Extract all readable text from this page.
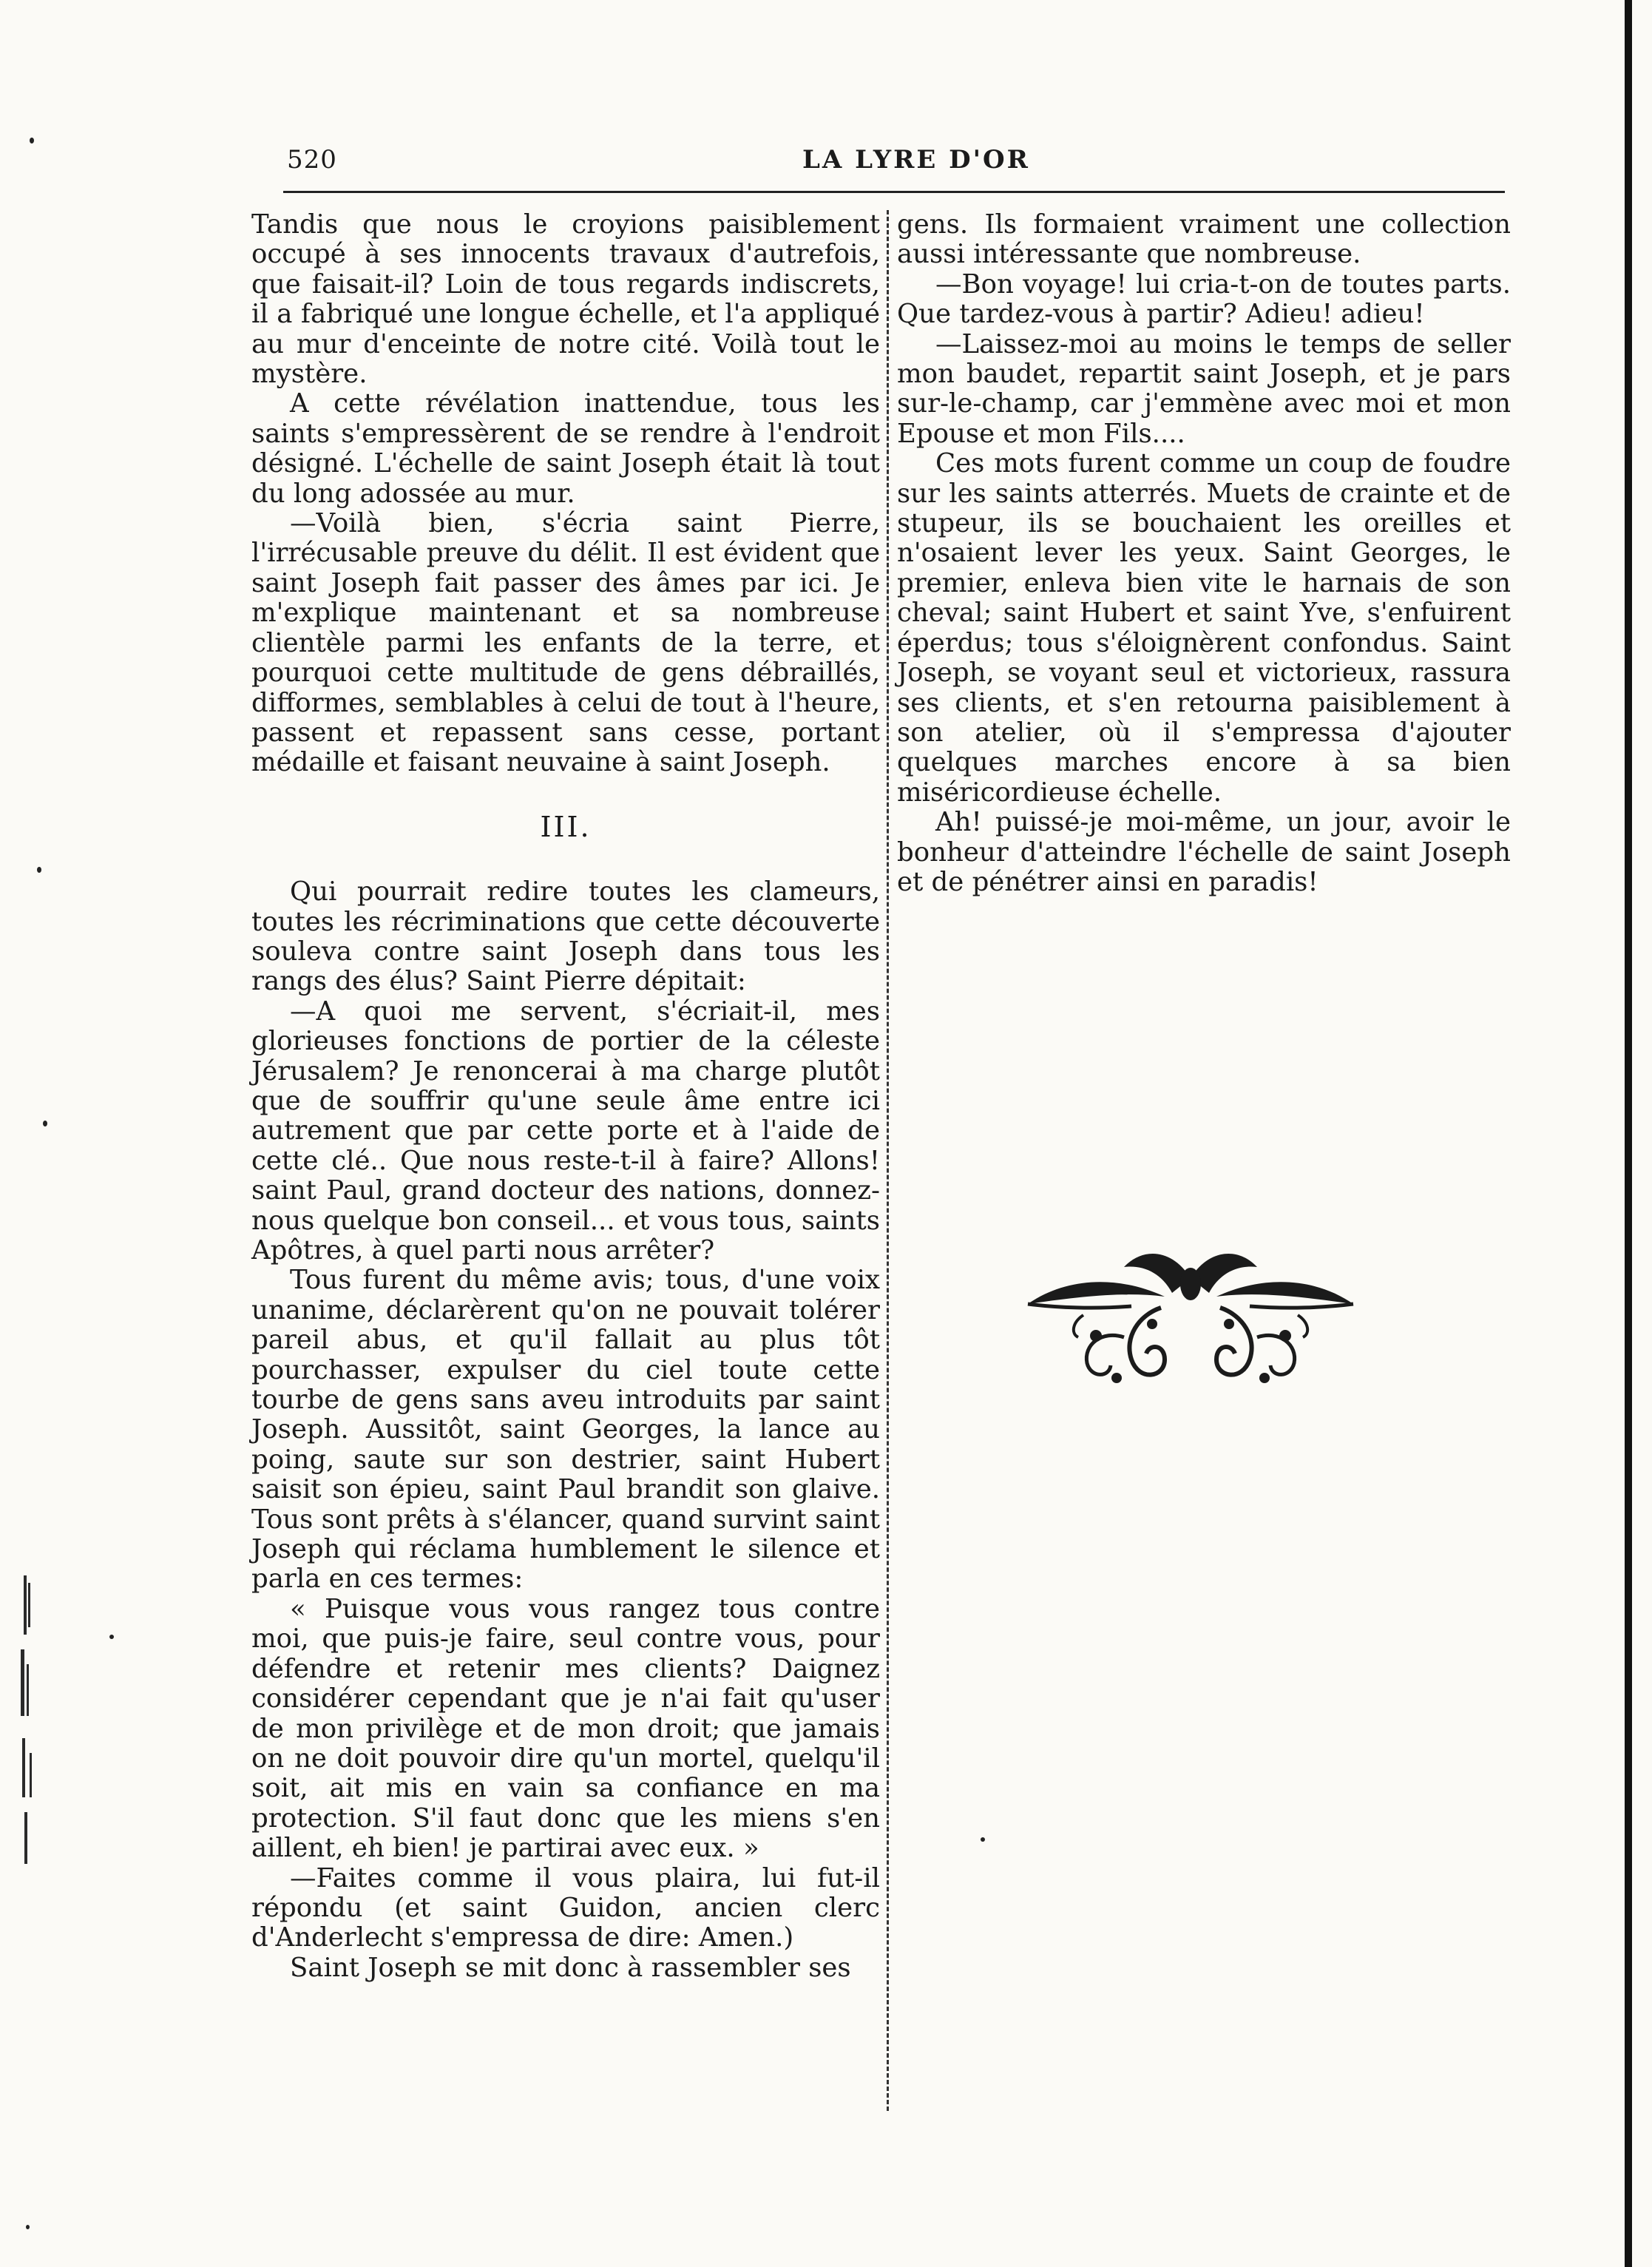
520	LA LYRE D'OR

Tandis que nous le croyions paisiblement occupé à ses innocents travaux d'autrefois, que faisait-il? Loin de tous regards indiscrets, il a fabriqué une longue échelle, et l'a appliqué au mur d'enceinte de notre cité. Voilà tout le mystère.

A cette révélation inattendue, tous les saints s'empressèrent de se rendre à l'endroit désigné. L'échelle de saint Joseph était là tout du long adossée au mur.

—Voilà bien, s'écria saint Pierre, l'irrécusable preuve du délit. Il est évident que saint Joseph fait passer des âmes par ici. Je m'explique maintenant et sa nombreuse clientèle parmi les enfants de la terre, et pourquoi cette multitude de gens débraillés, difformes, semblables à celui de tout à l'heure, passent et repassent sans cesse, portant médaille et faisant neuvaine à saint Joseph.

III.

Qui pourrait redire toutes les clameurs, toutes les récriminations que cette découverte souleva contre saint Joseph dans tous les rangs des élus? Saint Pierre dépitait:

—A quoi me servent, s'écriait-il, mes glorieuses fonctions de portier de la céleste Jérusalem? Je renoncerai à ma charge plutôt que de souffrir qu'une seule âme entre ici autrement que par cette porte et à l'aide de cette clé.. Que nous reste-t-il à faire? Allons! saint Paul, grand docteur des nations, donnez-nous quelque bon conseil... et vous tous, saints Apôtres, à quel parti nous arrêter?

Tous furent du même avis; tous, d'une voix unanime, déclarèrent qu'on ne pouvait tolérer pareil abus, et qu'il fallait au plus tôt pourchasser, expulser du ciel toute cette tourbe de gens sans aveu introduits par saint Joseph. Aussitôt, saint Georges, la lance au poing, saute sur son destrier, saint Hubert saisit son épieu, saint Paul brandit son glaive. Tous sont prêts à s'élancer, quand survint saint Joseph qui réclama humblement le silence et parla en ces termes:

« Puisque vous vous rangez tous contre moi, que puis-je faire, seul contre vous, pour défendre et retenir mes clients? Daignez considérer cependant que je n'ai fait qu'user de mon privilège et de mon droit; que jamais on ne doit pouvoir dire qu'un mortel, quelqu'il soit, ait mis en vain sa confiance en ma protection. S'il faut donc que les miens s'en aillent, eh bien! je partirai avec eux. »

—Faites comme il vous plaira, lui fut-il répondu (et saint Guidon, ancien clerc d'Anderlecht s'empressa de dire: Amen.)

Saint Joseph se mit donc à rassembler ses

gens. Ils formaient vraiment une collection aussi intéressante que nombreuse.

—Bon voyage! lui cria-t-on de toutes parts. Que tardez-vous à partir? Adieu! adieu!

—Laissez-moi au moins le temps de seller mon baudet, repartit saint Joseph, et je pars sur-le-champ, car j'emmène avec moi et mon Epouse et mon Fils....

Ces mots furent comme un coup de foudre sur les saints atterrés. Muets de crainte et de stupeur, ils se bouchaient les oreilles et n'osaient lever les yeux. Saint Georges, le premier, enleva bien vite le harnais de son cheval; saint Hubert et saint Yve, s'enfuirent éperdus; tous s'éloignèrent confondus. Saint Joseph, se voyant seul et victorieux, rassura ses clients, et s'en retourna paisiblement à son atelier, où il s'empressa d'ajouter quelques marches encore à sa bien miséricordieuse échelle.

Ah! puissé-je moi-même, un jour, avoir le bonheur d'atteindre l'échelle de saint Joseph et de pénétrer ainsi en paradis!
